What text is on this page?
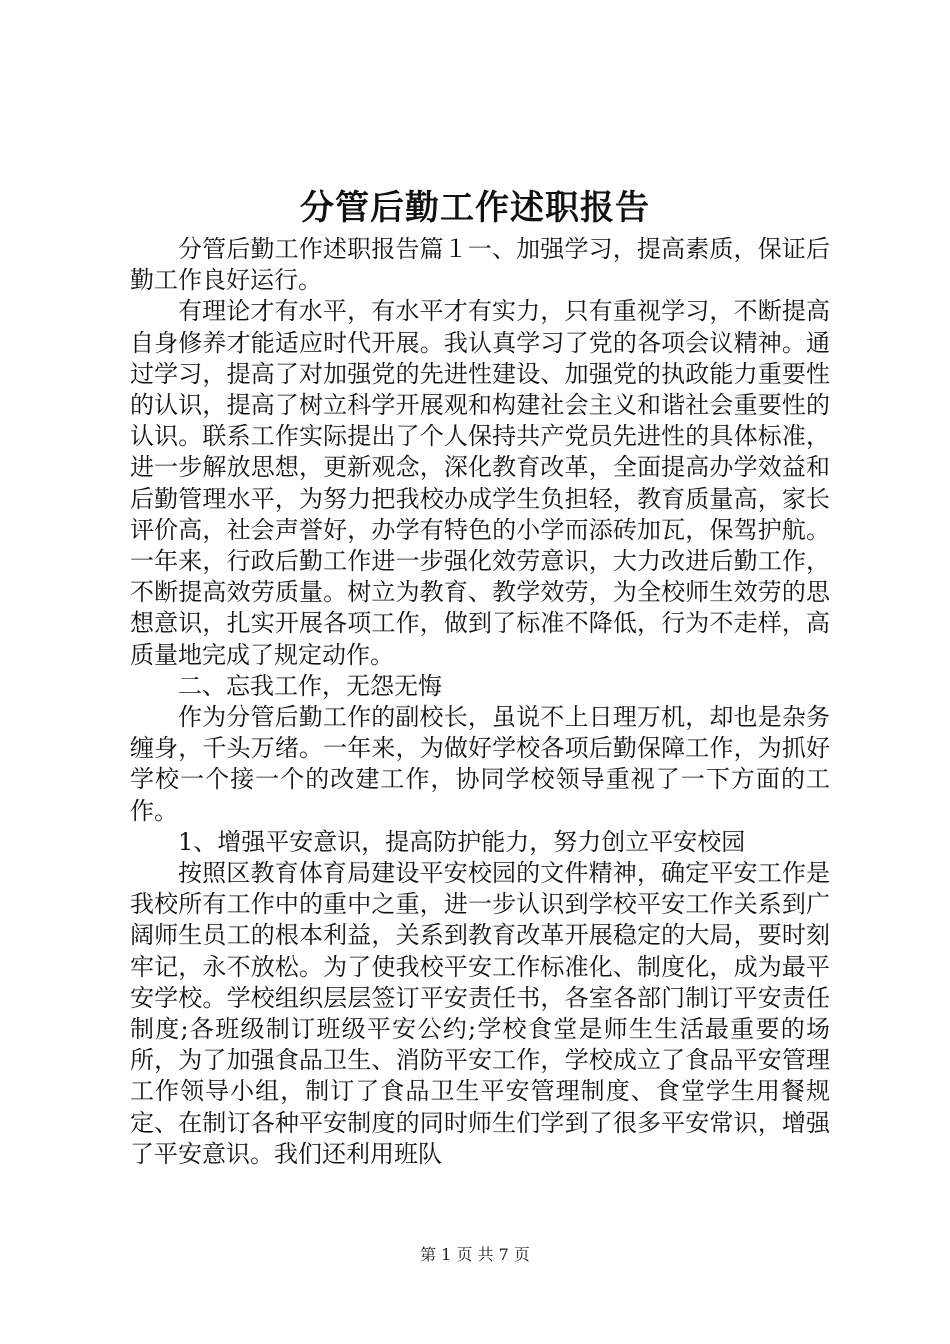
分管后勤工作述职报告

分管后勤工作述职报告篇１一、加强学习，提高素质，保证后勤工作良好运行。

有理论才有水平，有水平才有实力，只有重视学习，不断提高自身修养才能适应时代开展。我认真学习了党的各项会议精神。通过学习，提高了对加强党的先进性建设、加强党的执政能力重要性的认识，提高了树立科学开展观和构建社会主义和谐社会重要性的认识。联系工作实际提出了个人保持共产党员先进性的具体标准，进一步解放思想，更新观念，深化教育改革，全面提高办学效益和后勤管理水平，为努力把我校办成学生负担轻，教育质量高，家长评价高，社会声誉好，办学有特色的小学而添砖加瓦，保驾护航。一年来，行政后勤工作进一步强化效劳意识，大力改进后勤工作，不断提高效劳质量。树立为教育、教学效劳，为全校师生效劳的思想意识，扎实开展各项工作，做到了标准不降低，行为不走样，高质量地完成了规定动作。

二、忘我工作，无怨无悔

作为分管后勤工作的副校长，虽说不上日理万机，却也是杂务缠身，千头万绪。一年来，为做好学校各项后勤保障工作，为抓好学校一个接一个的改建工作，协同学校领导重视了一下方面的工作。

1、增强平安意识，提高防护能力，努力创立平安校园

按照区教育体育局建设平安校园的文件精神，确定平安工作是我校所有工作中的重中之重，进一步认识到学校平安工作关系到广阔师生员工的根本利益，关系到教育改革开展稳定的大局，要时刻牢记，永不放松。为了使我校平安工作标准化、制度化，成为最平安学校。学校组织层层签订平安责任书，各室各部门制订平安责任制度;各班级制订班级平安公约;学校食堂是师生生活最重要的场所，为了加强食品卫生、消防平安工作，学校成立了食品平安管理工作领导小组，制订了食品卫生平安管理制度、食堂学生用餐规定、在制订各种平安制度的同时师生们学到了很多平安常识，增强了平安意识。我们还利用班队

第 1 页 共 7 页
